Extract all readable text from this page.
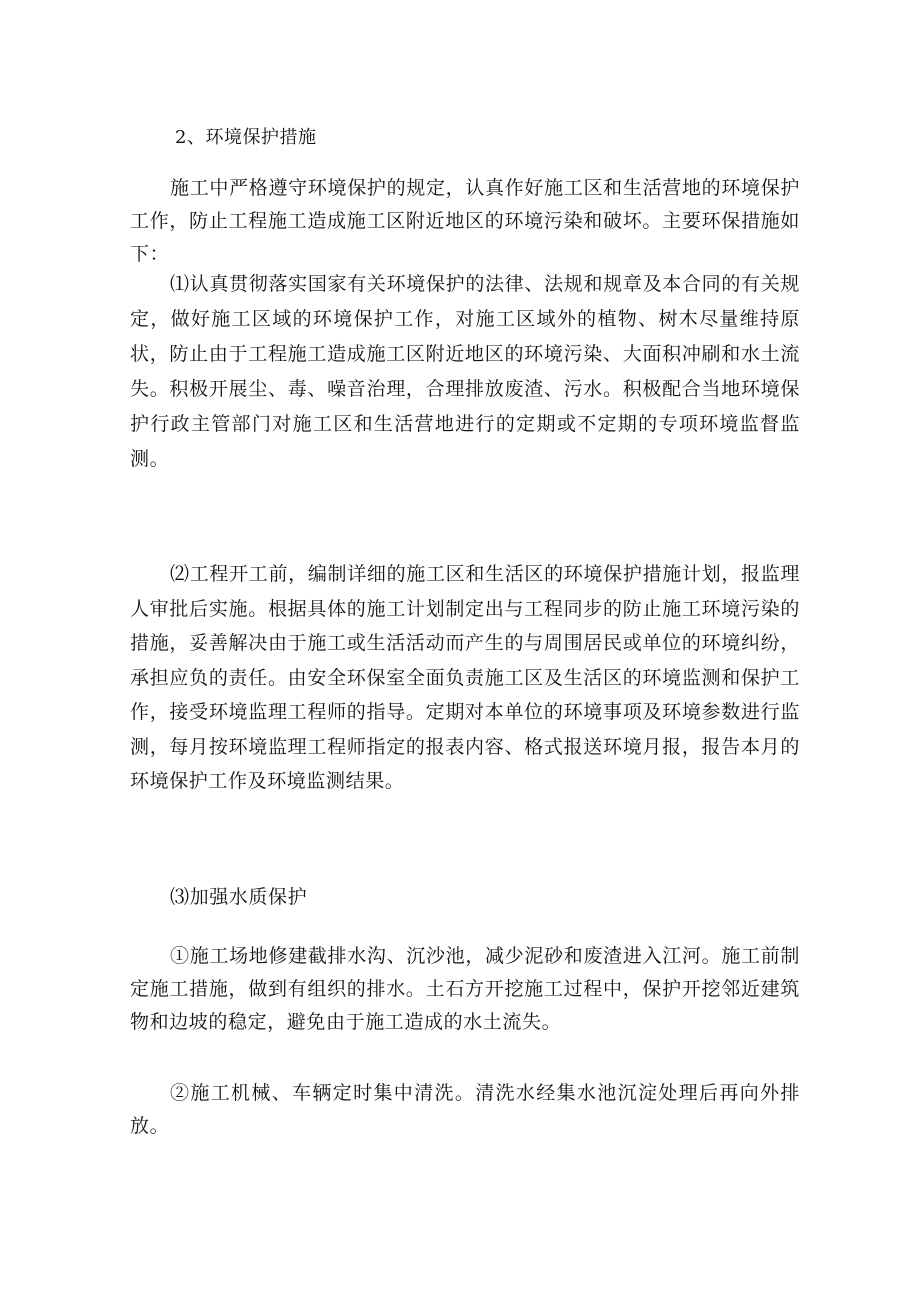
2、环境保护措施

施工中严格遵守环境保护的规定，认真作好施工区和生活营地的环境保护工作，防止工程施工造成施工区附近地区的环境污染和破坏。主要环保措施如下：

⑴认真贯彻落实国家有关环境保护的法律、法规和规章及本合同的有关规定，做好施工区域的环境保护工作，对施工区域外的植物、树木尽量维持原状，防止由于工程施工造成施工区附近地区的环境污染、大面积冲刷和水土流失。积极开展尘、毒、噪音治理，合理排放废渣、污水。积极配合当地环境保护行政主管部门对施工区和生活营地进行的定期或不定期的专项环境监督监测。

⑵工程开工前，编制详细的施工区和生活区的环境保护措施计划，报监理人审批后实施。根据具体的施工计划制定出与工程同步的防止施工环境污染的措施，妥善解决由于施工或生活活动而产生的与周围居民或单位的环境纠纷，承担应负的责任。由安全环保室全面负责施工区及生活区的环境监测和保护工作，接受环境监理工程师的指导。定期对本单位的环境事项及环境参数进行监测，每月按环境监理工程师指定的报表内容、格式报送环境月报，报告本月的环境保护工作及环境监测结果。

⑶加强水质保护

①施工场地修建截排水沟、沉沙池，减少泥砂和废渣进入江河。施工前制定施工措施，做到有组织的排水。土石方开挖施工过程中，保护开挖邻近建筑物和边坡的稳定，避免由于施工造成的水土流失。

②施工机械、车辆定时集中清洗。清洗水经集水池沉淀处理后再向外排放。
